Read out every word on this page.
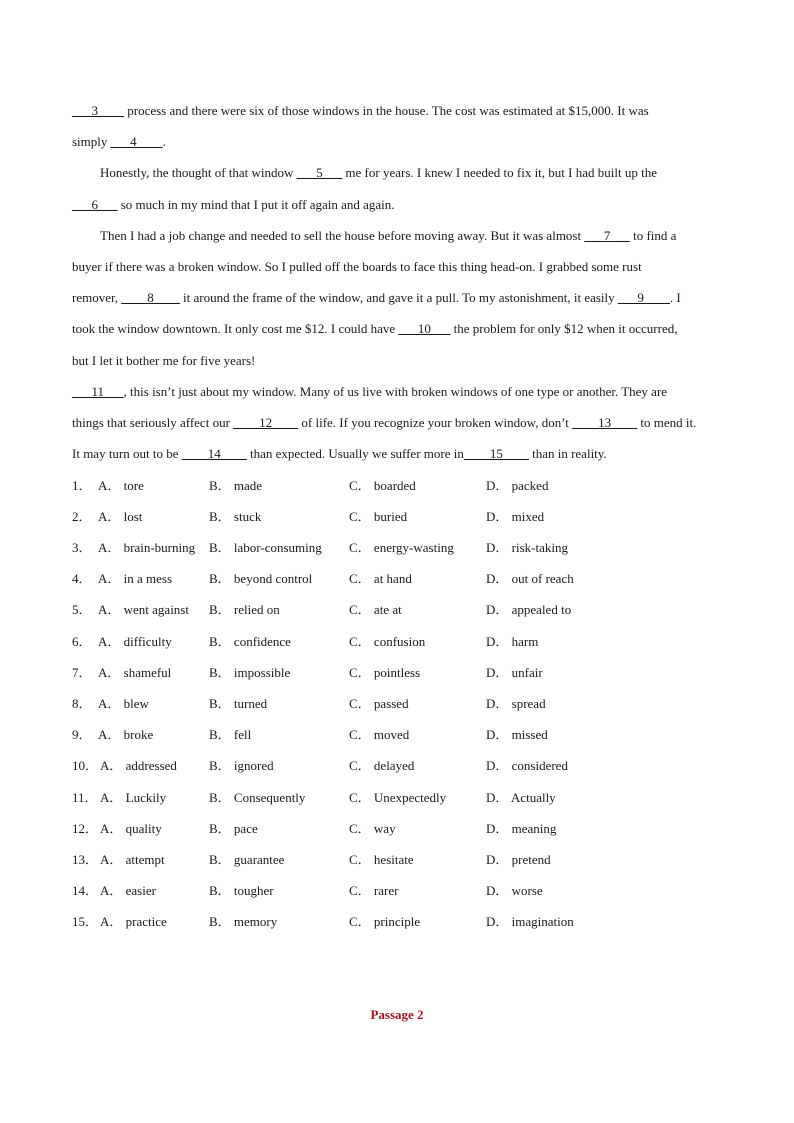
___3____ process and there were six of those windows in the house. The cost was estimated at $15,000. It was
simply ___4____.
Honestly, the thought of that window ___5___ me for years. I knew I needed to fix it, but I had built up the
___6___ so much in my mind that I put it off again and again.
Then I had a job change and needed to sell the house before moving away. But it was almost ___7___ to find a
buyer if there was a broken window. So I pulled off the boards to face this thing head-on. I grabbed some rust
remover, ____8____ it around the frame of the window, and gave it a pull. To my astonishment, it easily ___9____. I
took the window downtown. It only cost me $12. I could have ___10___ the problem for only $12 when it occurred,
but I let it bother me for five years!
___11___, this isn’t just about my window. Many of us live with broken windows of one type or another. They are
things that seriously affect our ____12____ of life. If you recognize your broken window, don’t ____13____ to mend it.
It may turn out to be ____14____ than expected. Usually we suffer more in____15____ than in reality.
1． A． tore	B． made	C． boarded	D． packed
2． A． lost	B． stuck	C． buried	D． mixed
3． A． brain-burning B． labor-consuming C． energy-wasting D． risk-taking
4． A． in a mess	B． beyond control	C． at hand	D． out of reach
5． A． went against B． relied on	C． ate at	D． appealed to
6． A． difficulty	B． confidence	C． confusion	D． harm
7． A． shameful	B． impossible	C． pointless	D． unfair
8． A． blew	B． turned	C． passed	D． spread
9． A． broke	B． fell	C． moved	D． missed
10． A． addressed B． ignored	C． delayed	D． considered
11． A． Luckily	B． Consequently	C． Unexpectedly	D． Actually
12． A． quality	B． pace	C． way	D． meaning
13． A． attempt	B． guarantee	C． hesitate	D． pretend
14． A． easier	B． tougher	C． rarer	D． worse
15． A． practice	B． memory	C． principle	D． imagination
Passage 2
